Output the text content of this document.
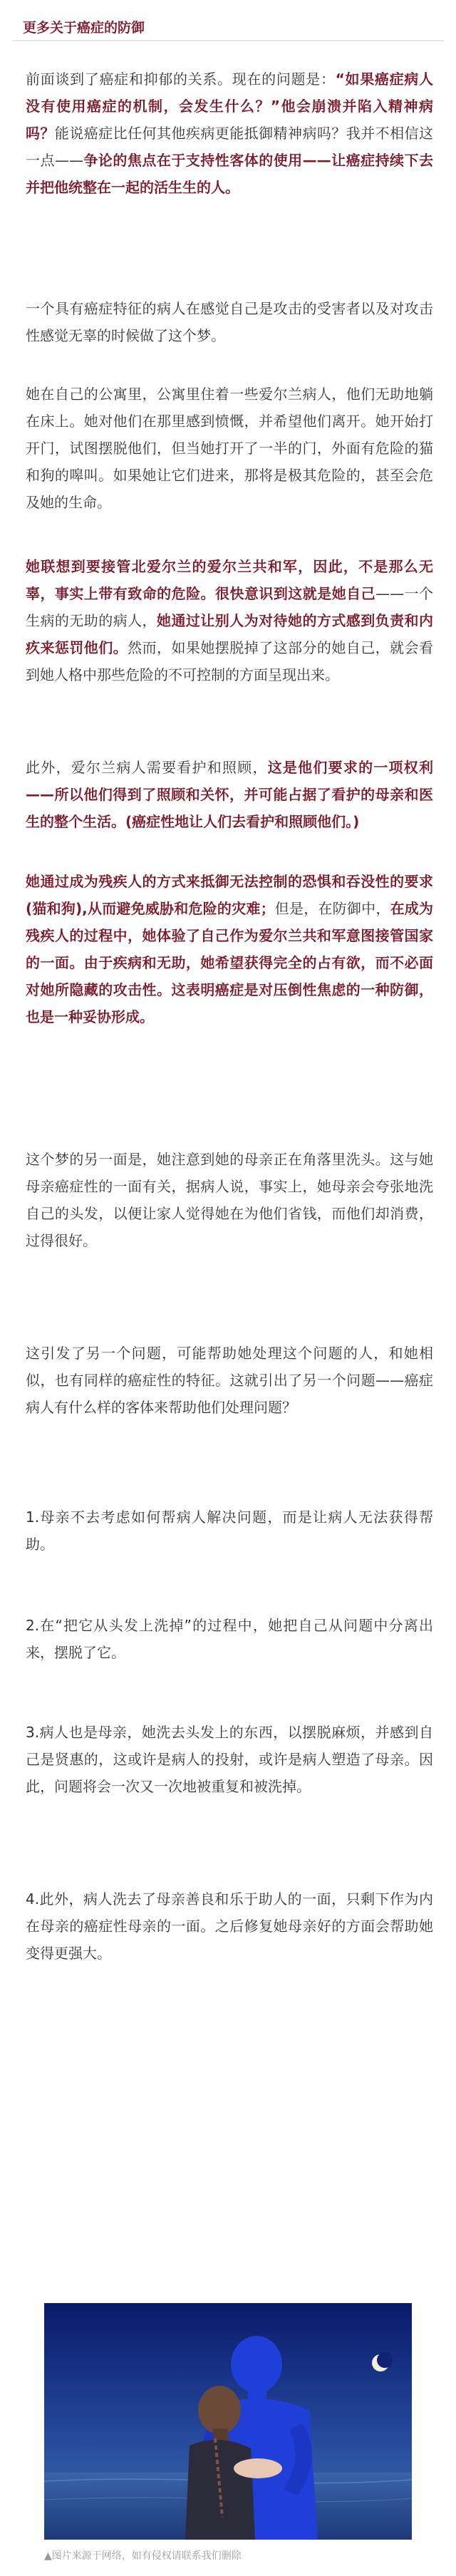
更多关于癌症的防御

前面谈到了癌症和抑郁的关系。现在的问题是：“如果癌症病人没有使用癌症的机制，会发生什么？”他会崩溃并陷入精神病吗？能说癌症比任何其他疾病更能抵御精神病吗？我并不相信这一点——争论的焦点在于支持性客体的使用——让癌症持续下去并把他统整在一起的活生生的人。

一个具有癌症特征的病人在感觉自己是攻击的受害者以及对攻击性感觉无辜的时候做了这个梦。

她在自己的公寓里，公寓里住着一些爱尔兰病人，他们无助地躺在床上。她对他们在那里感到愤慨，并希望他们离开。她开始打开门，试图摆脱他们，但当她打开了一半的门，外面有危险的猫和狗的嗥叫。如果她让它们进来，那将是极其危险的，甚至会危及她的生命。

她联想到要接管北爱尔兰的爱尔兰共和军，因此，不是那么无辜，事实上带有致命的危险。很快意识到这就是她自己——一个生病的无助的病人，她通过让别人为对待她的方式感到负责和内疚来惩罚他们。然而，如果她摆脱掉了这部分的她自己，就会看到她人格中那些危险的不可控制的方面呈现出来。

此外，爱尔兰病人需要看护和照顾，这是他们要求的一项权利——所以他们得到了照顾和关怀，并可能占据了看护的母亲和医生的整个生活。(癌症性地让人们去看护和照顾他们。)

她通过成为残疾人的方式来抵御无法控制的恐惧和吞没性的要求(猫和狗),从而避免威胁和危险的灾难；但是，在防御中，在成为残疾人的过程中，她体验了自己作为爱尔兰共和军意图接管国家的一面。由于疾病和无助，她希望获得完全的占有欲，而不必面对她所隐藏的攻击性。这表明癌症是对压倒性焦虑的一种防御，也是一种妥协形成。

这个梦的另一面是，她注意到她的母亲正在角落里洗头。这与她母亲癌症性的一面有关，据病人说，事实上，她母亲会夸张地洗自己的头发，以便让家人觉得她在为他们省钱，而他们却消费，过得很好。

这引发了另一个问题，可能帮助她处理这个问题的人，和她相似，也有同样的癌症性的特征。这就引出了另一个问题——癌症病人有什么样的客体来帮助他们处理问题？

1.母亲不去考虑如何帮病人解决问题，而是让病人无法获得帮助。

2.在“把它从头发上洗掉”的过程中，她把自己从问题中分离出来，摆脱了它。

3.病人也是母亲，她洗去头发上的东西，以摆脱麻烦，并感到自己是贤惠的，这或许是病人的投射，或许是病人塑造了母亲。因此，问题将会一次又一次地被重复和被洗掉。

4.此外，病人洗去了母亲善良和乐于助人的一面，只剩下作为内在母亲的癌症性母亲的一面。之后修复她母亲好的方面会帮助她变得更强大。

▲图片来源于网络，如有侵权请联系我们删除
